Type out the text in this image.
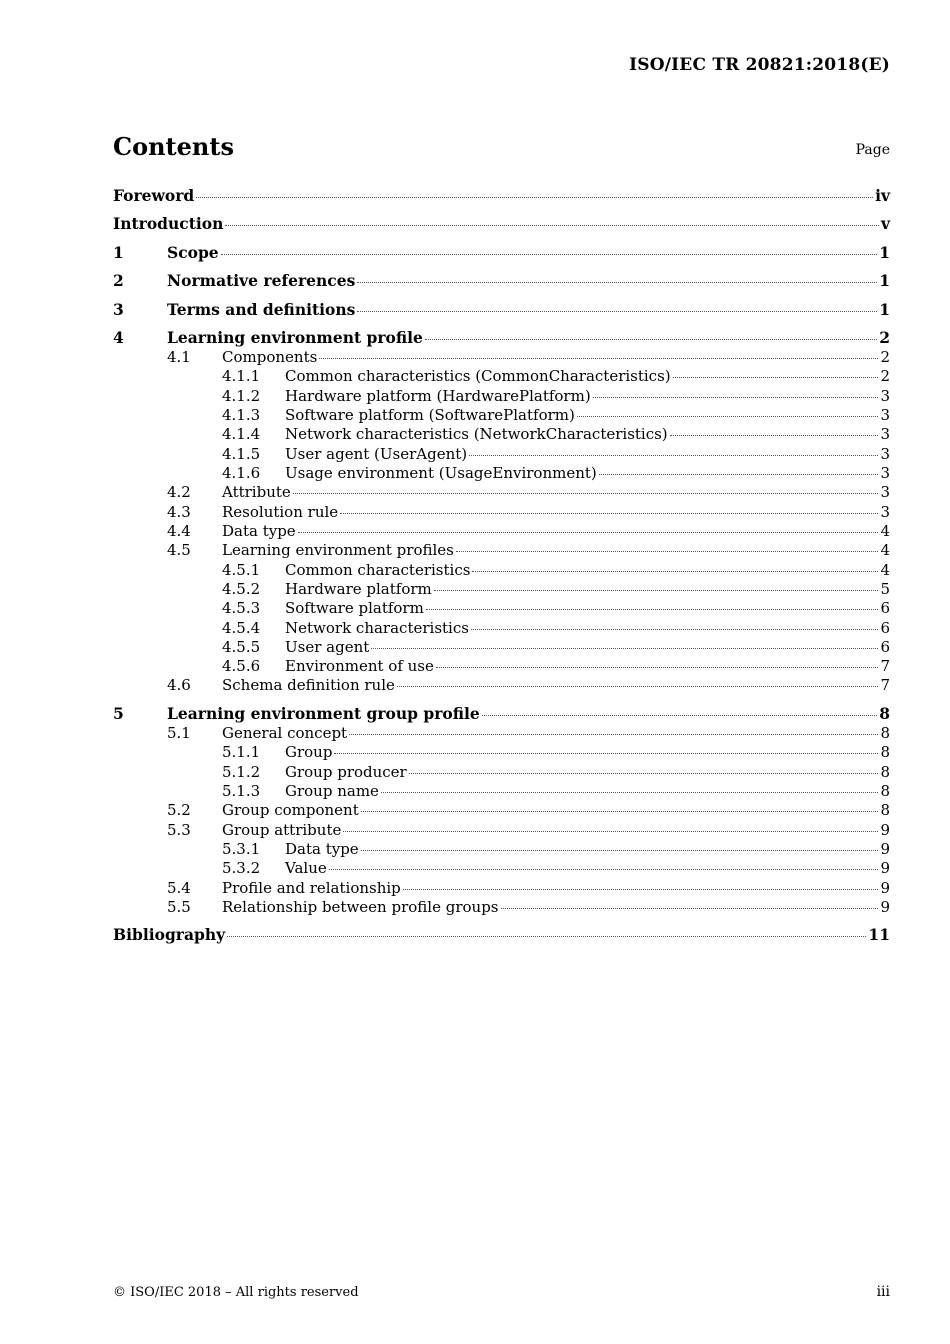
ISO/IEC TR 20821:2018(E)
Contents	Page
Foreword	iv
Introduction	v
1	Scope	1
2	Normative references	1
3	Terms and definitions	1
4	Learning environment profile	2
4.1	Components	2
4.1.1	Common characteristics (CommonCharacteristics)	2
4.1.2	Hardware platform (HardwarePlatform)	3
4.1.3	Software platform (SoftwarePlatform)	3
4.1.4	Network characteristics (NetworkCharacteristics)	3
4.1.5	User agent (UserAgent)	3
4.1.6	Usage environment (UsageEnvironment)	3
4.2	Attribute	3
4.3	Resolution rule	3
4.4	Data type	4
4.5	Learning environment profiles	4
4.5.1	Common characteristics	4
4.5.2	Hardware platform	5
4.5.3	Software platform	6
4.5.4	Network characteristics	6
4.5.5	User agent	6
4.5.6	Environment of use	7
4.6	Schema definition rule	7
5	Learning environment group profile	8
5.1	General concept	8
5.1.1	Group	8
5.1.2	Group producer	8
5.1.3	Group name	8
5.2	Group component	8
5.3	Group attribute	9
5.3.1	Data type	9
5.3.2	Value	9
5.4	Profile and relationship	9
5.5	Relationship between profile groups	9
Bibliography	11
© ISO/IEC 2018 – All rights reserved	iii
